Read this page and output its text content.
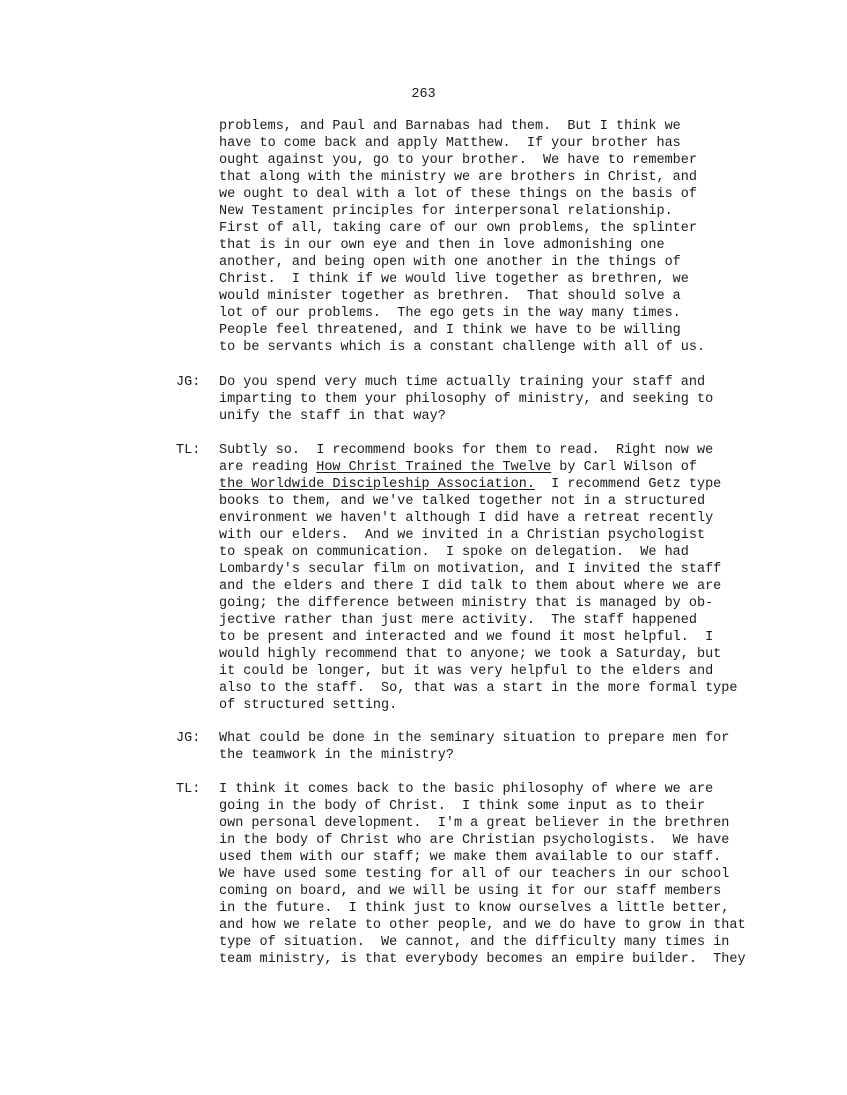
263
problems, and Paul and Barnabas had them.  But I think we
have to come back and apply Matthew.  If your brother has
ought against you, go to your brother.  We have to remember
that along with the ministry we are brothers in Christ, and
we ought to deal with a lot of these things on the basis of
New Testament principles for interpersonal relationship.
First of all, taking care of our own problems, the splinter
that is in our own eye and then in love admonishing one
another, and being open with one another in the things of
Christ.  I think if we would live together as brethren, we
would minister together as brethren.  That should solve a
lot of our problems.  The ego gets in the way many times.
People feel threatened, and I think we have to be willing
to be servants which is a constant challenge with all of us.
JG: Do you spend very much time actually training your staff and
imparting to them your philosophy of ministry, and seeking to
unify the staff in that way?
TL: Subtly so.  I recommend books for them to read.  Right now we
are reading How Christ Trained the Twelve by Carl Wilson of
the Worldwide Discipleship Association.  I recommend Getz type
books to them, and we've talked together not in a structured
environment we haven't although I did have a retreat recently
with our elders.  And we invited in a Christian psychologist
to speak on communication.  I spoke on delegation.  We had
Lombardy's secular film on motivation, and I invited the staff
and the elders and there I did talk to them about where we are
going; the difference between ministry that is managed by ob-
jective rather than just mere activity.  The staff happened
to be present and interacted and we found it most helpful.  I
would highly recommend that to anyone; we took a Saturday, but
it could be longer, but it was very helpful to the elders and
also to the staff.  So, that was a start in the more formal type
of structured setting.
JG: What could be done in the seminary situation to prepare men for
the teamwork in the ministry?
TL: I think it comes back to the basic philosophy of where we are
going in the body of Christ.  I think some input as to their
own personal development.  I'm a great believer in the brethren
in the body of Christ who are Christian psychologists.  We have
used them with our staff; we make them available to our staff.
We have used some testing for all of our teachers in our school
coming on board, and we will be using it for our staff members
in the future.  I think just to know ourselves a little better,
and how we relate to other people, and we do have to grow in that
type of situation.  We cannot, and the difficulty many times in
team ministry, is that everybody becomes an empire builder.  They
